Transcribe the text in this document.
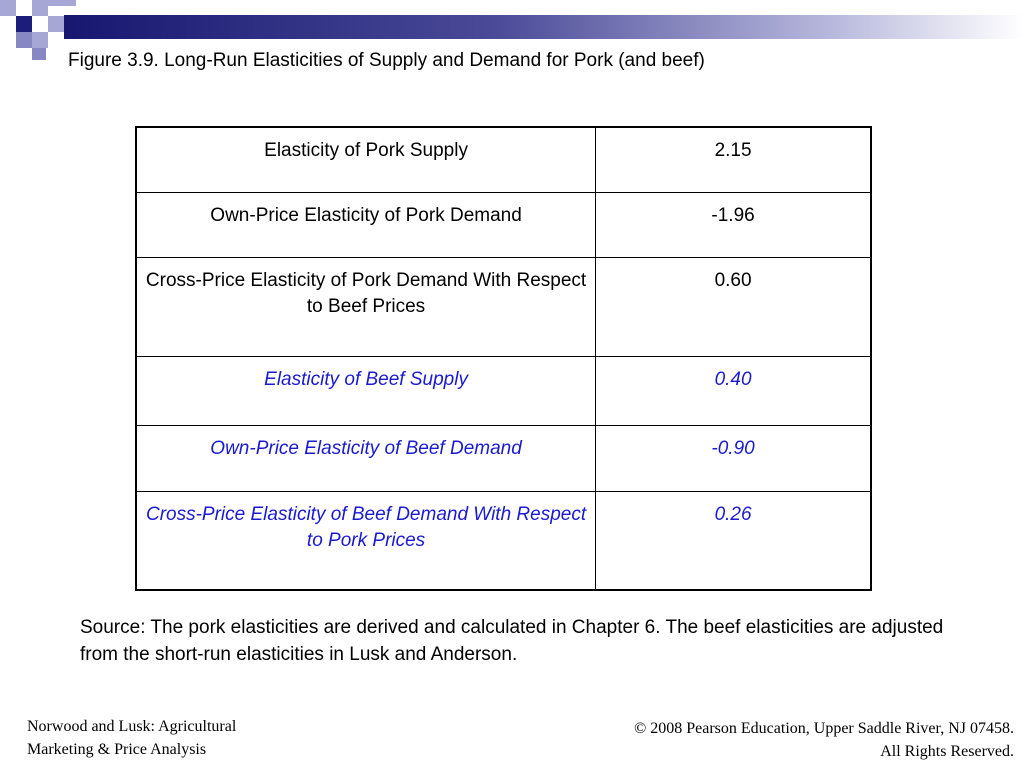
Figure 3.9. Long-Run Elasticities of Supply and Demand for Pork (and beef)
Elasticity of Pork Supply	2.15
Own-Price Elasticity of Pork Demand	-1.96
Cross-Price Elasticity of Pork Demand With Respect to Beef Prices	0.60
Elasticity of Beef Supply	0.40
Own-Price Elasticity of Beef Demand	-0.90
Cross-Price Elasticity of Beef Demand With Respect to Pork Prices	0.26
Source: The pork elasticities are derived and calculated in Chapter 6. The beef elasticities are adjusted from the short-run elasticities in Lusk and Anderson.
Norwood and Lusk: Agricultural
Marketing & Price Analysis
© 2008 Pearson Education, Upper Saddle River, NJ 07458.
All Rights Reserved.
